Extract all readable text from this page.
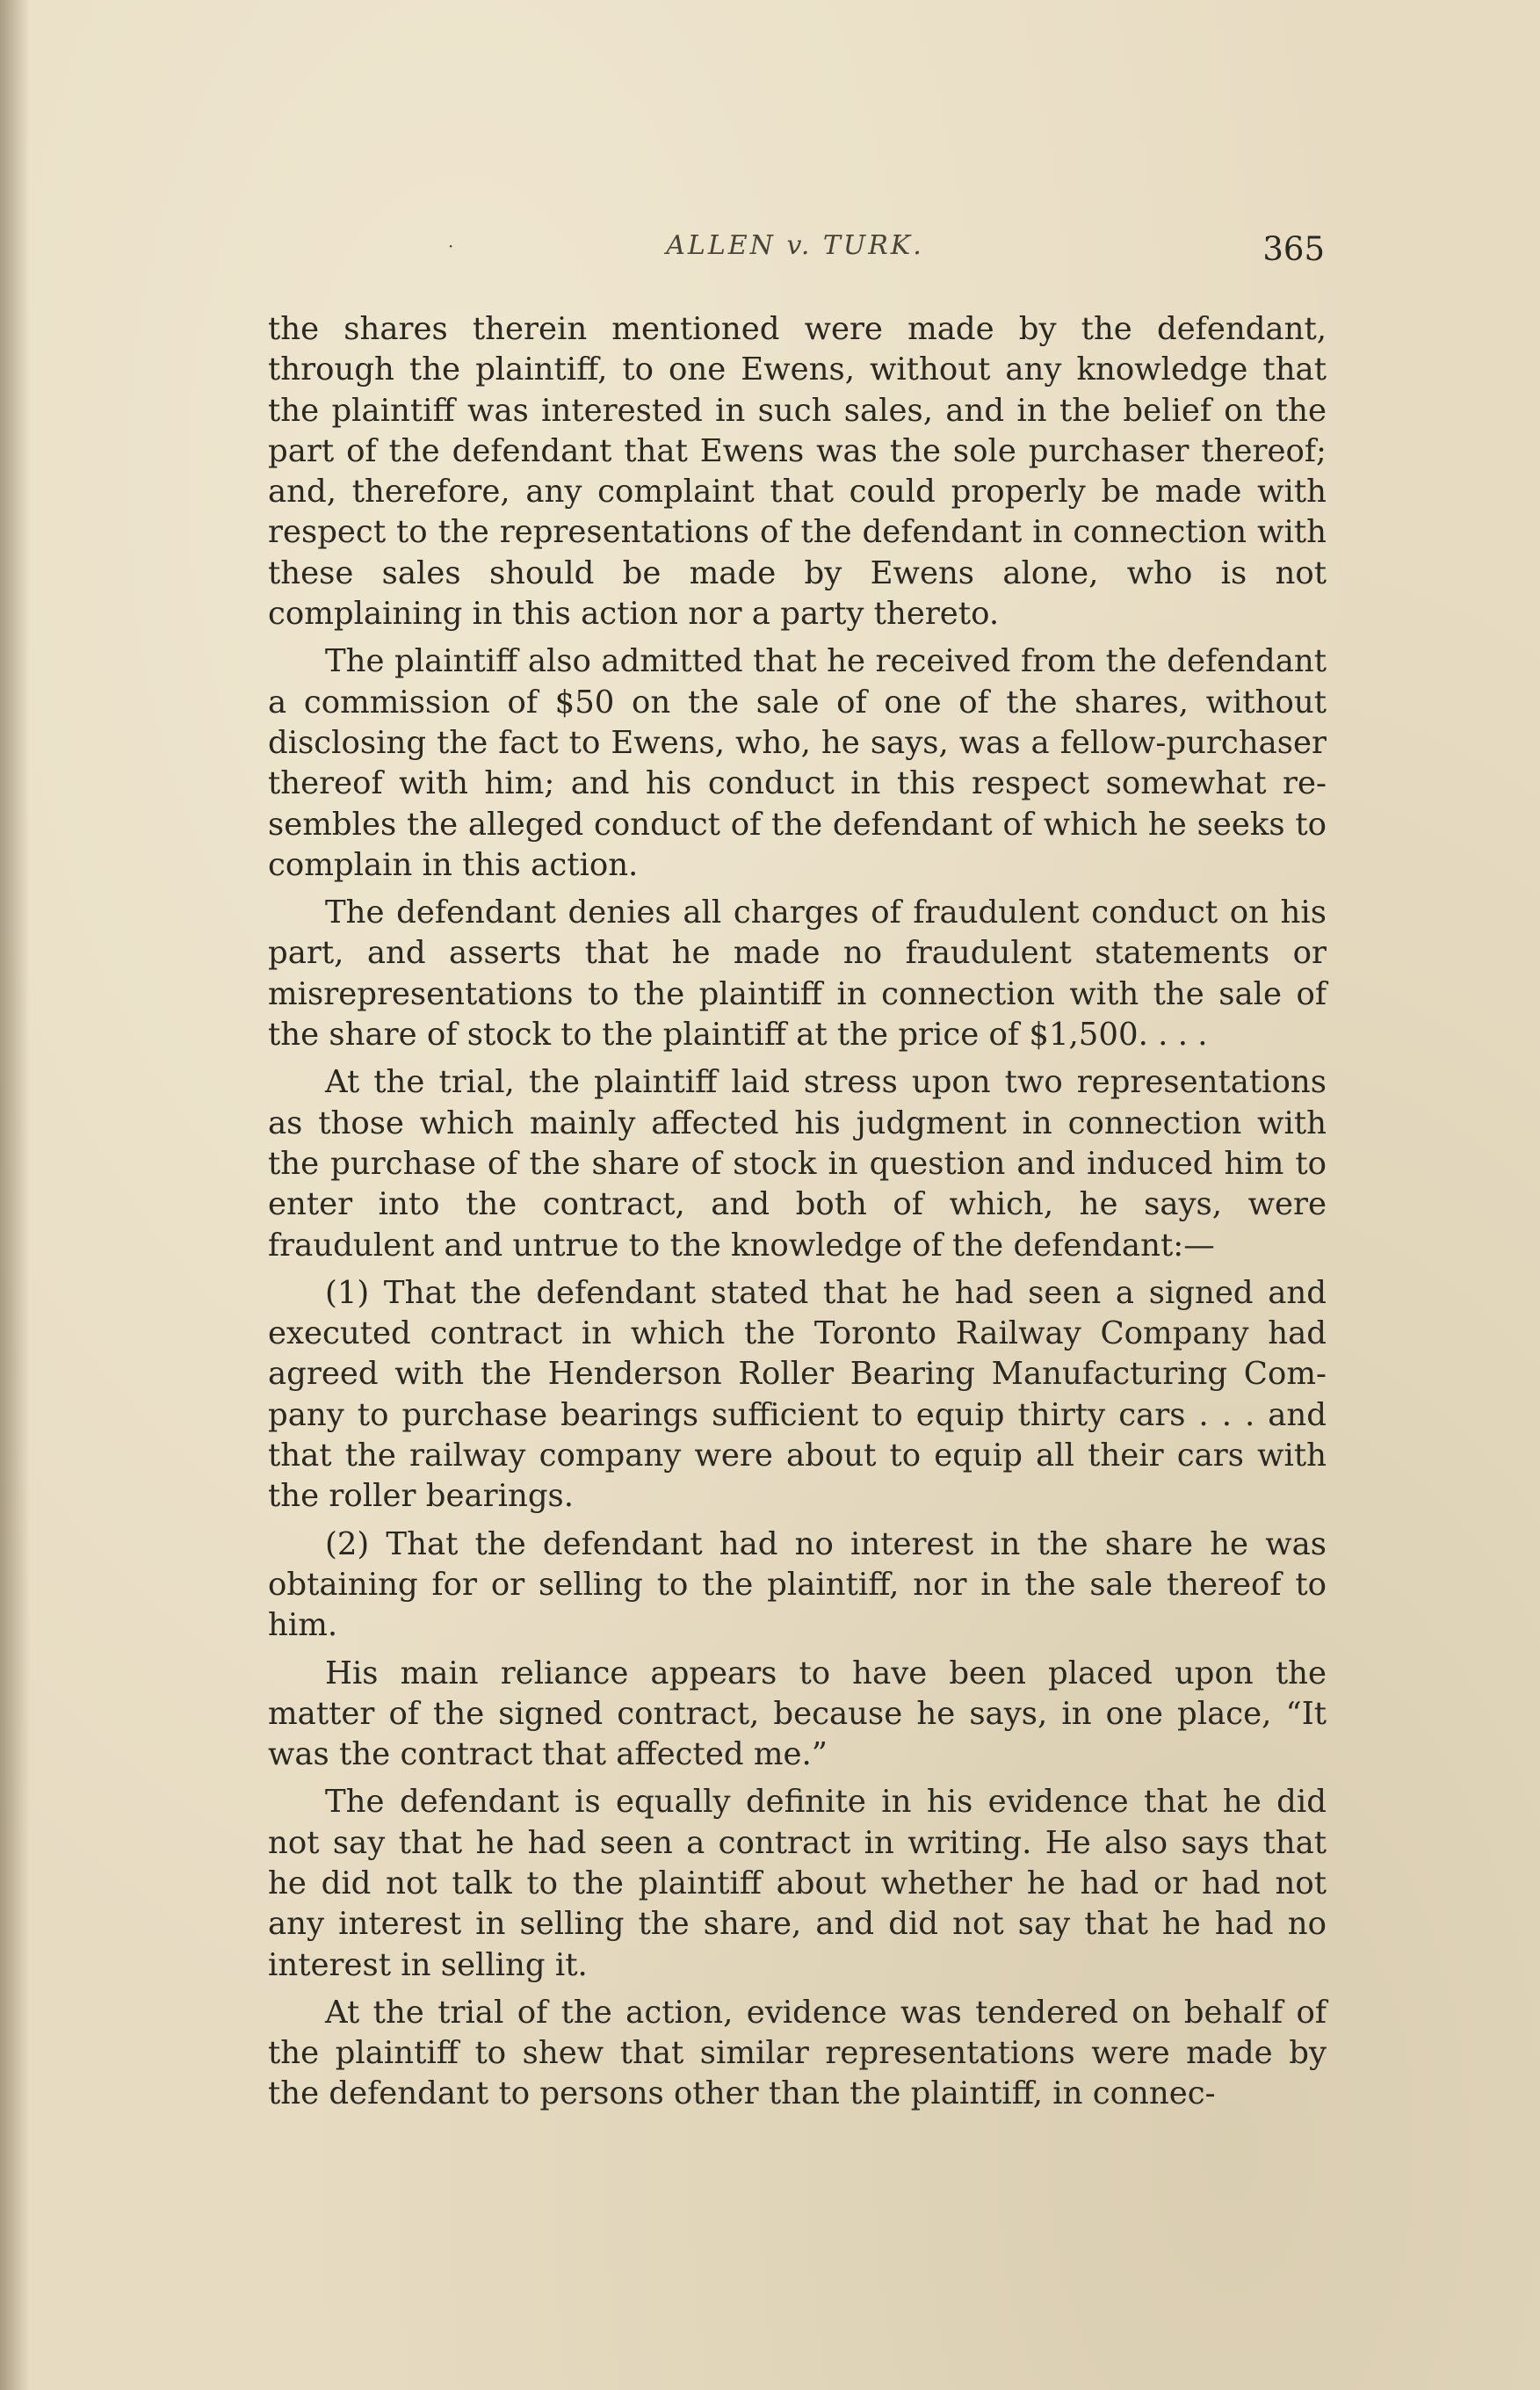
·	ALLEN v. TURK.	365

the shares therein mentioned were made by the defendant, through the plaintiff, to one Ewens, without any knowledge that the plaintiff was interested in such sales, and in the belief on the part of the defendant that Ewens was the sole purchaser thereof; and, therefore, any complaint that could properly be made with respect to the representations of the defendant in connection with these sales should be made by Ewens alone, who is not complaining in this action nor a party thereto.

The plaintiff also admitted that he received from the defendant a commission of $50 on the sale of one of the shares, without disclosing the fact to Ewens, who, he says, was a fellow-purchaser thereof with him; and his conduct in this respect somewhat resembles the alleged conduct of the defendant of which he seeks to complain in this action.

The defendant denies all charges of fraudulent conduct on his part, and asserts that he made no fraudulent statements or misrepresentations to the plaintiff in connection with the sale of the share of stock to the plaintiff at the price of $1,500. . . .

At the trial, the plaintiff laid stress upon two representations as those which mainly affected his judgment in connection with the purchase of the share of stock in question and induced him to enter into the contract, and both of which, he says, were fraudulent and untrue to the knowledge of the defendant:—

(1) That the defendant stated that he had seen a signed and executed contract in which the Toronto Railway Company had agreed with the Henderson Roller Bearing Manufacturing Company to purchase bearings sufficient to equip thirty cars . . . and that the railway company were about to equip all their cars with the roller bearings.

(2) That the defendant had no interest in the share he was obtaining for or selling to the plaintiff, nor in the sale thereof to him.

His main reliance appears to have been placed upon the matter of the signed contract, because he says, in one place, “It was the contract that affected me.”

The defendant is equally definite in his evidence that he did not say that he had seen a contract in writing. He also says that he did not talk to the plaintiff about whether he had or had not any interest in selling the share, and did not say that he had no interest in selling it.

At the trial of the action, evidence was tendered on behalf of the plaintiff to shew that similar representations were made by the defendant to persons other than the plaintiff, in connec-
